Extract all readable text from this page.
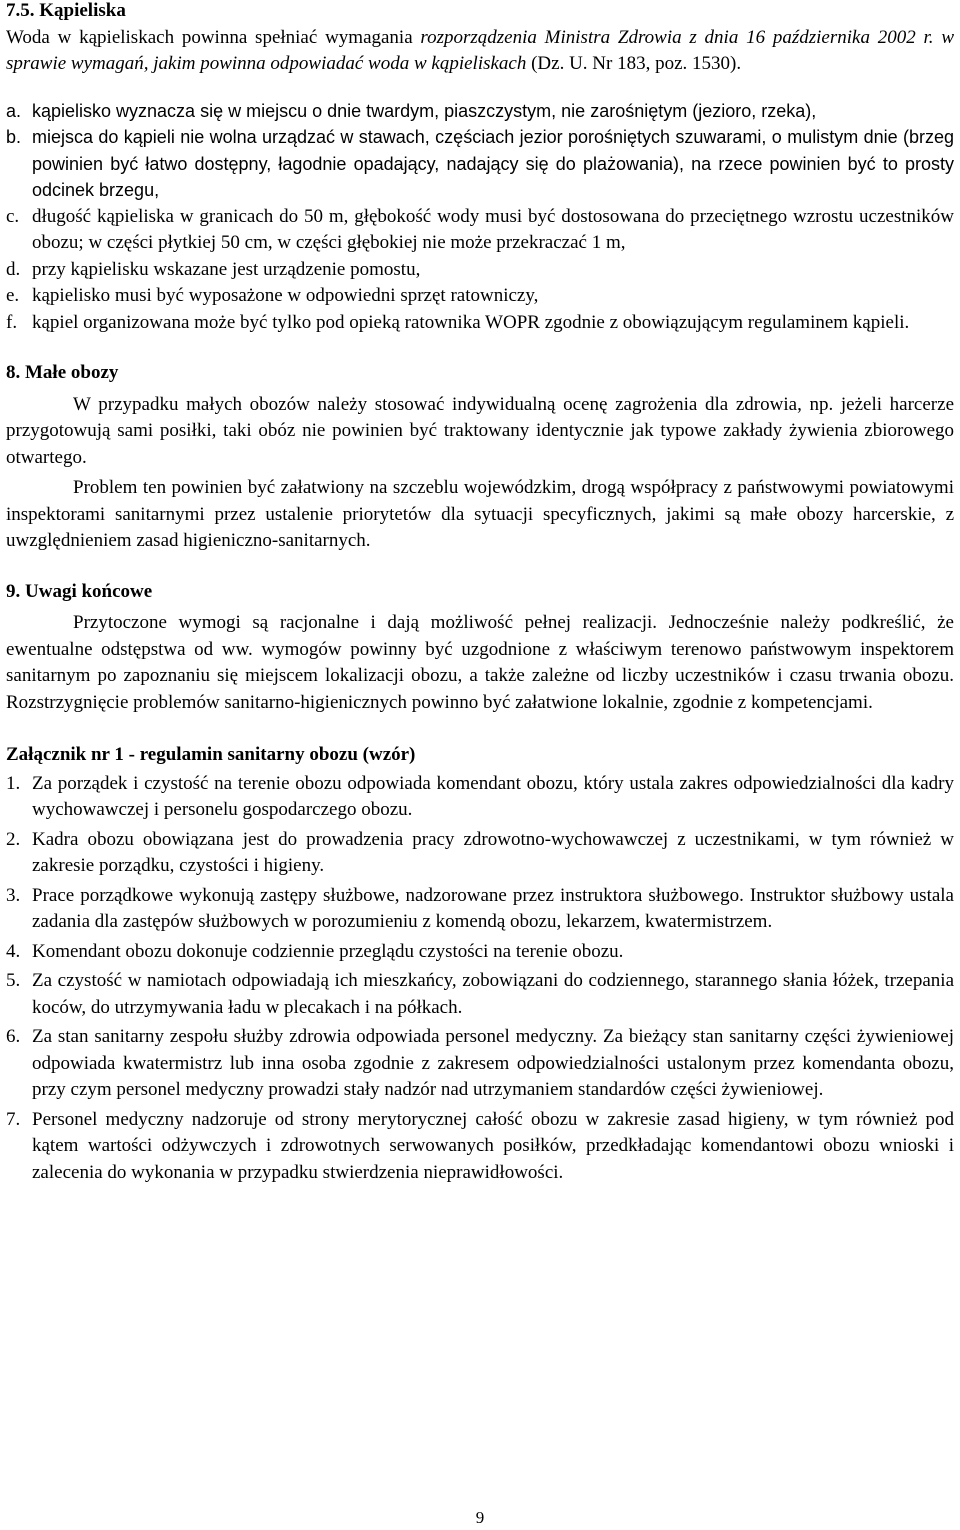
7.5. Kąpieliska

Woda w kąpieliskach powinna spełniać wymagania rozporządzenia Ministra Zdrowia z dnia 16 października 2002 r. w sprawie wymagań, jakim powinna odpowiadać woda w kąpieliskach (Dz. U. Nr 183, poz. 1530).

a. kąpielisko wyznacza się w miejscu o dnie twardym, piaszczystym, nie zarośniętym (jezioro, rzeka),
b. miejsca do kąpieli nie wolna urządzać w stawach, częściach jezior porośniętych szuwarami, o mulistym dnie (brzeg powinien być łatwo dostępny, łagodnie opadający, nadający się do plażowania), na rzece powinien być to prosty odcinek brzegu,
c. długość kąpieliska w granicach do 50 m, głębokość wody musi być dostosowana do przeciętnego wzrostu uczestników obozu; w części płytkiej 50 cm, w części głębokiej nie może przekraczać 1 m,
d. przy kąpielisku wskazane jest urządzenie pomostu,
e. kąpielisko musi być wyposażone w odpowiedni sprzęt ratowniczy,
f. kąpiel organizowana może być tylko pod opieką ratownika WOPR zgodnie z obowiązującym regulaminem kąpieli.
8. Małe obozy

W przypadku małych obozów należy stosować indywidualną ocenę zagrożenia dla zdrowia, np. jeżeli harcerze przygotowują sami posiłki, taki obóz nie powinien być traktowany identycznie jak typowe zakłady żywienia zbiorowego otwartego.

Problem ten powinien być załatwiony na szczeblu wojewódzkim, drogą współpracy z państwowymi powiatowymi inspektorami sanitarnymi przez ustalenie priorytetów dla sytuacji specyficznych, jakimi są małe obozy harcerskie, z uwzględnieniem zasad higieniczno-sanitarnych.

9. Uwagi końcowe

Przytoczone wymogi są racjonalne i dają możliwość pełnej realizacji. Jednocześnie należy podkreślić, że ewentualne odstępstwa od ww. wymogów powinny być uzgodnione z właściwym terenowo państwowym inspektorem sanitarnym po zapoznaniu się miejscem lokalizacji obozu, a także zależne od liczby uczestników i czasu trwania obozu. Rozstrzygnięcie problemów sanitarno-higienicznych powinno być załatwione lokalnie, zgodnie z kompetencjami.

Załącznik nr 1 - regulamin sanitarny obozu (wzór)
1. Za porządek i czystość na terenie obozu odpowiada komendant obozu, który ustala zakres odpowiedzialności dla kadry wychowawczej i personelu gospodarczego obozu.
2. Kadra obozu obowiązana jest do prowadzenia pracy zdrowotno-wychowawczej z uczestnikami, w tym również w zakresie porządku, czystości i higieny.
3. Prace porządkowe wykonują zastępy służbowe, nadzorowane przez instruktora służbowego. Instruktor służbowy ustala zadania dla zastępów służbowych w porozumieniu z komendą obozu, lekarzem, kwatermistrzem.
4. Komendant obozu dokonuje codziennie przeglądu czystości na terenie obozu.
5. Za czystość w namiotach odpowiadają ich mieszkańcy, zobowiązani do codziennego, starannego słania łóżek, trzepania koców, do utrzymywania ładu w plecakach i na półkach.
6. Za stan sanitarny zespołu służby zdrowia odpowiada personel medyczny. Za bieżący stan sanitarny części żywieniowej odpowiada kwatermistrz lub inna osoba zgodnie z zakresem odpowiedzialności ustalonym przez komendanta obozu, przy czym personel medyczny prowadzi stały nadzór nad utrzymaniem standardów części żywieniowej.
7. Personel medyczny nadzoruje od strony merytorycznej całość obozu w zakresie zasad higieny, w tym również pod kątem wartości odżywczych i zdrowotnych serwowanych posiłków, przedkładając komendantowi obozu wnioski i zalecenia do wykonania w przypadku stwierdzenia nieprawidłowości.
9
